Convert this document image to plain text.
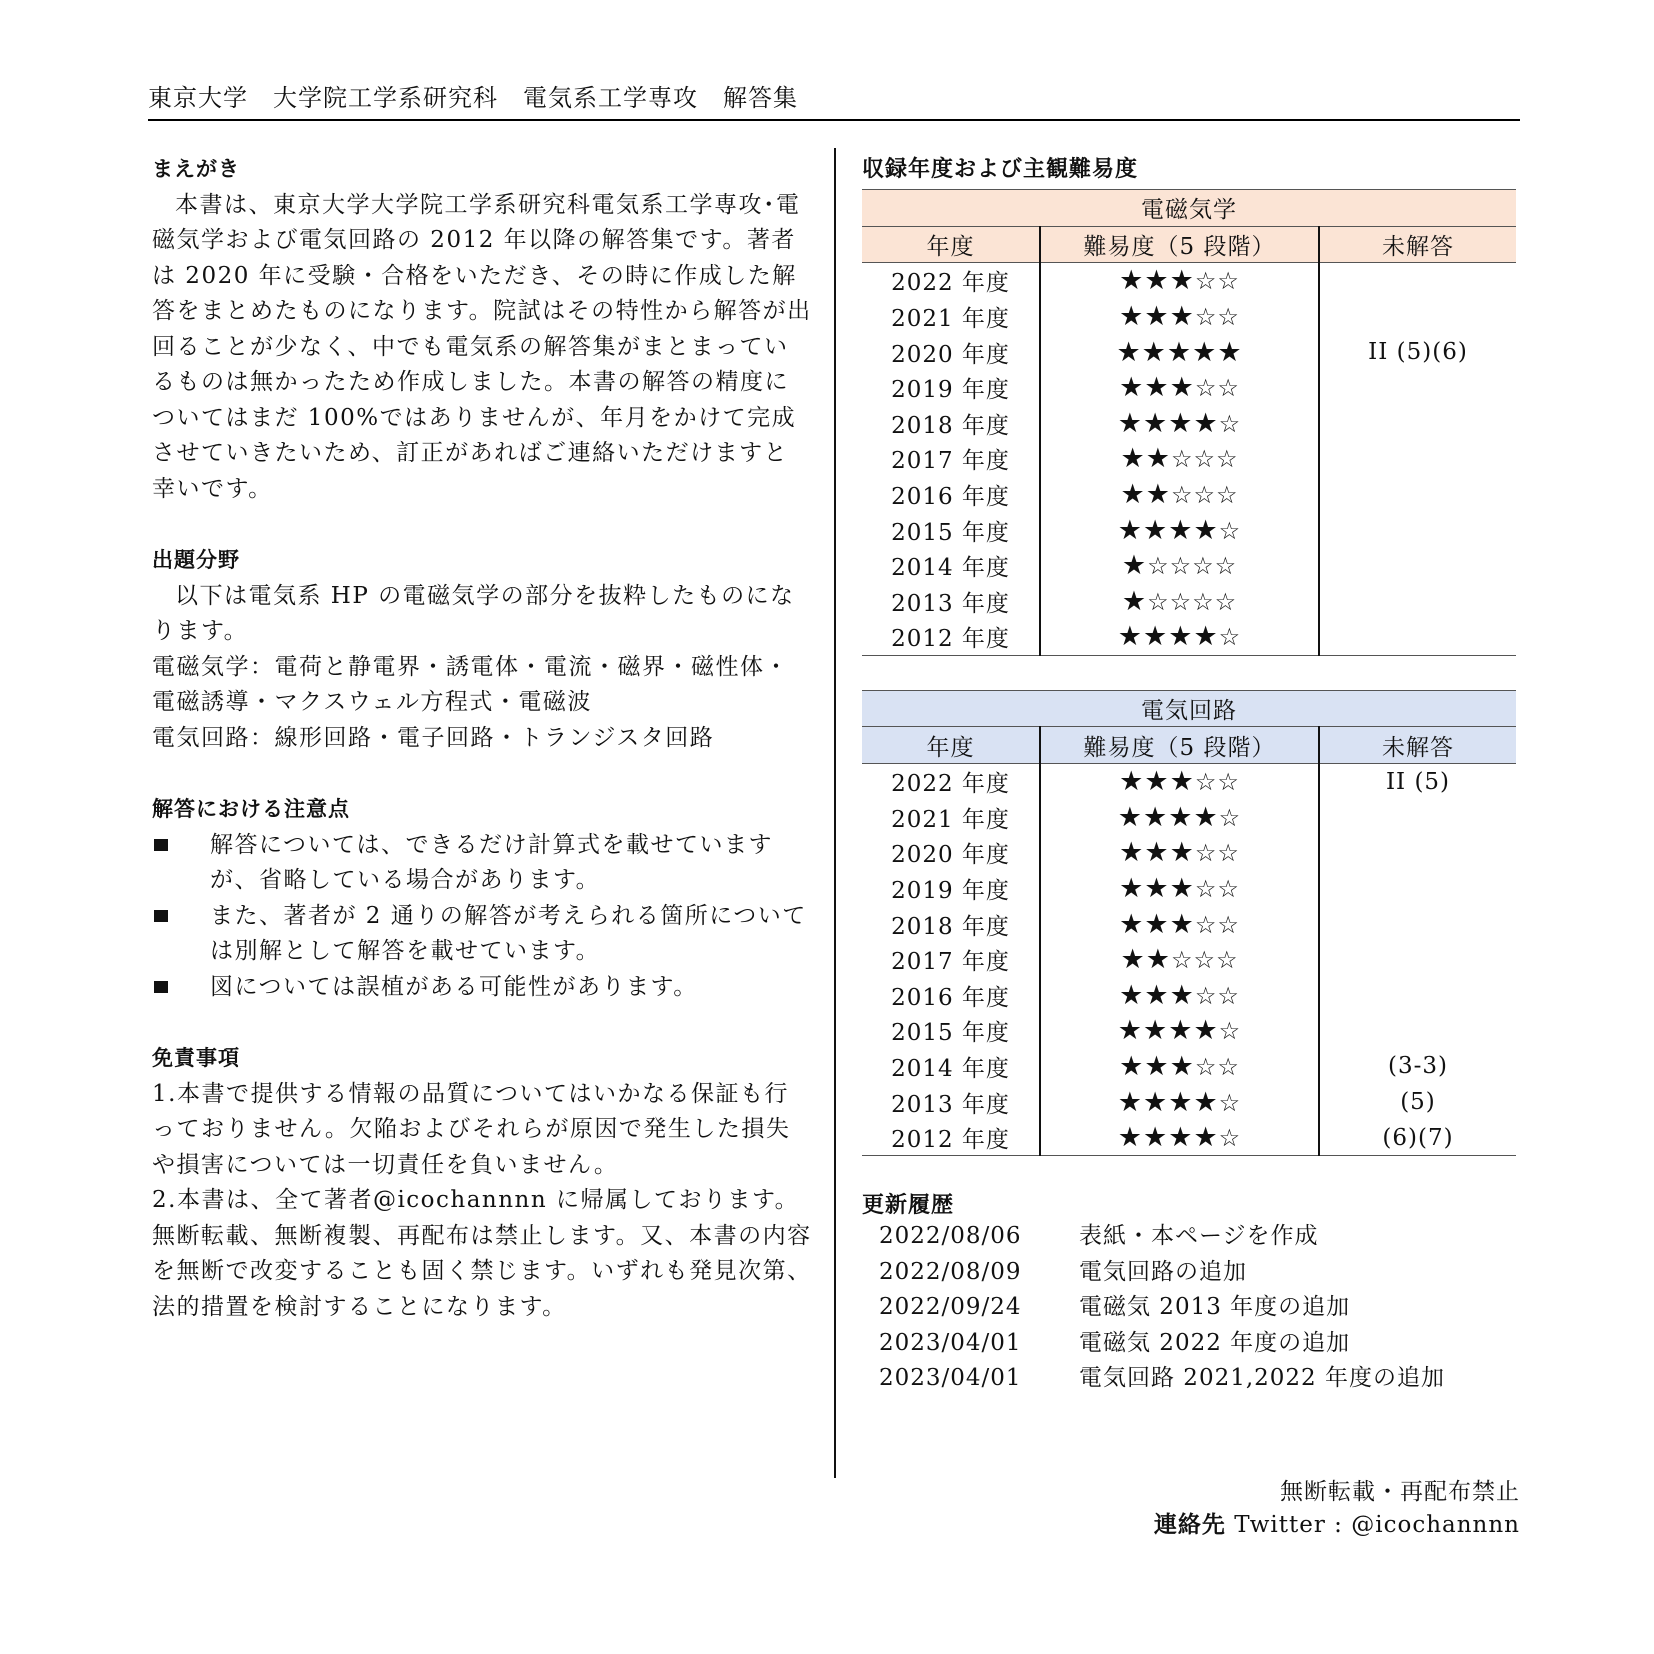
東京大学　大学院工学系研究科　電気系工学専攻　解答集
まえがき

本書は、東京大学大学院工学系研究科電気系工学専攻･電磁気学および電気回路の 2012 年以降の解答集です。著者は 2020 年に受験・合格をいただき、その時に作成した解答をまとめたものになります。院試はその特性から解答が出回ることが少なく、中でも電気系の解答集がまとまっているものは無かったため作成しました。本書の解答の精度についてはまだ 100%ではありませんが、年月をかけて完成させていきたいため、訂正があればご連絡いただけますと幸いです。

出題分野

以下は電気系 HP の電磁気学の部分を抜粋したものになります。

電磁気学：電荷と静電界・誘電体・電流・磁界・磁性体・電磁誘導・マクスウェル方程式・電磁波

電気回路：線形回路・電子回路・トランジスタ回路

解答における注意点
解答については、できるだけ計算式を載せていますが、省略している場合があります。
また、著者が 2 通りの解答が考えられる箇所については別解として解答を載せています。
図については誤植がある可能性があります。
免責事項

1.本書で提供する情報の品質についてはいかなる保証も行っておりません。欠陥およびそれらが原因で発生した損失や損害については一切責任を負いません。

2.本書は、全て著者@icochannnn に帰属しております。無断転載、無断複製、再配布は禁止します。又、本書の内容を無断で改変することも固く禁じます。いずれも発見次第、法的措置を検討することになります。

収録年度および主観難易度
電磁気学		
年度	難易度（5 段階）	未解答
2022 年度	★★★☆☆	
2021 年度	★★★☆☆	
2020 年度	★★★★★	II (5)(6)
2019 年度	★★★☆☆	
2018 年度	★★★★☆	
2017 年度	★★☆☆☆	
2016 年度	★★☆☆☆	
2015 年度	★★★★☆	
2014 年度	★☆☆☆☆	
2013 年度	★☆☆☆☆	
2012 年度	★★★★☆	
電気回路		
年度	難易度（5 段階）	未解答
2022 年度	★★★☆☆	II (5)
2021 年度	★★★★☆	
2020 年度	★★★☆☆	
2019 年度	★★★☆☆	
2018 年度	★★★☆☆	
2017 年度	★★☆☆☆	
2016 年度	★★★☆☆	
2015 年度	★★★★☆	
2014 年度	★★★☆☆	(3-3)
2013 年度	★★★★☆	(5)
2012 年度	★★★★☆	(6)(7)
更新履歴
2022/08/06	表紙・本ページを作成
2022/08/09	電気回路の追加
2022/09/24	電磁気 2013 年度の追加
2023/04/01	電磁気 2022 年度の追加
2023/04/01	電気回路 2021,2022 年度の追加
無断転載・再配布禁止
連絡先 Twitter : @icochannnn
